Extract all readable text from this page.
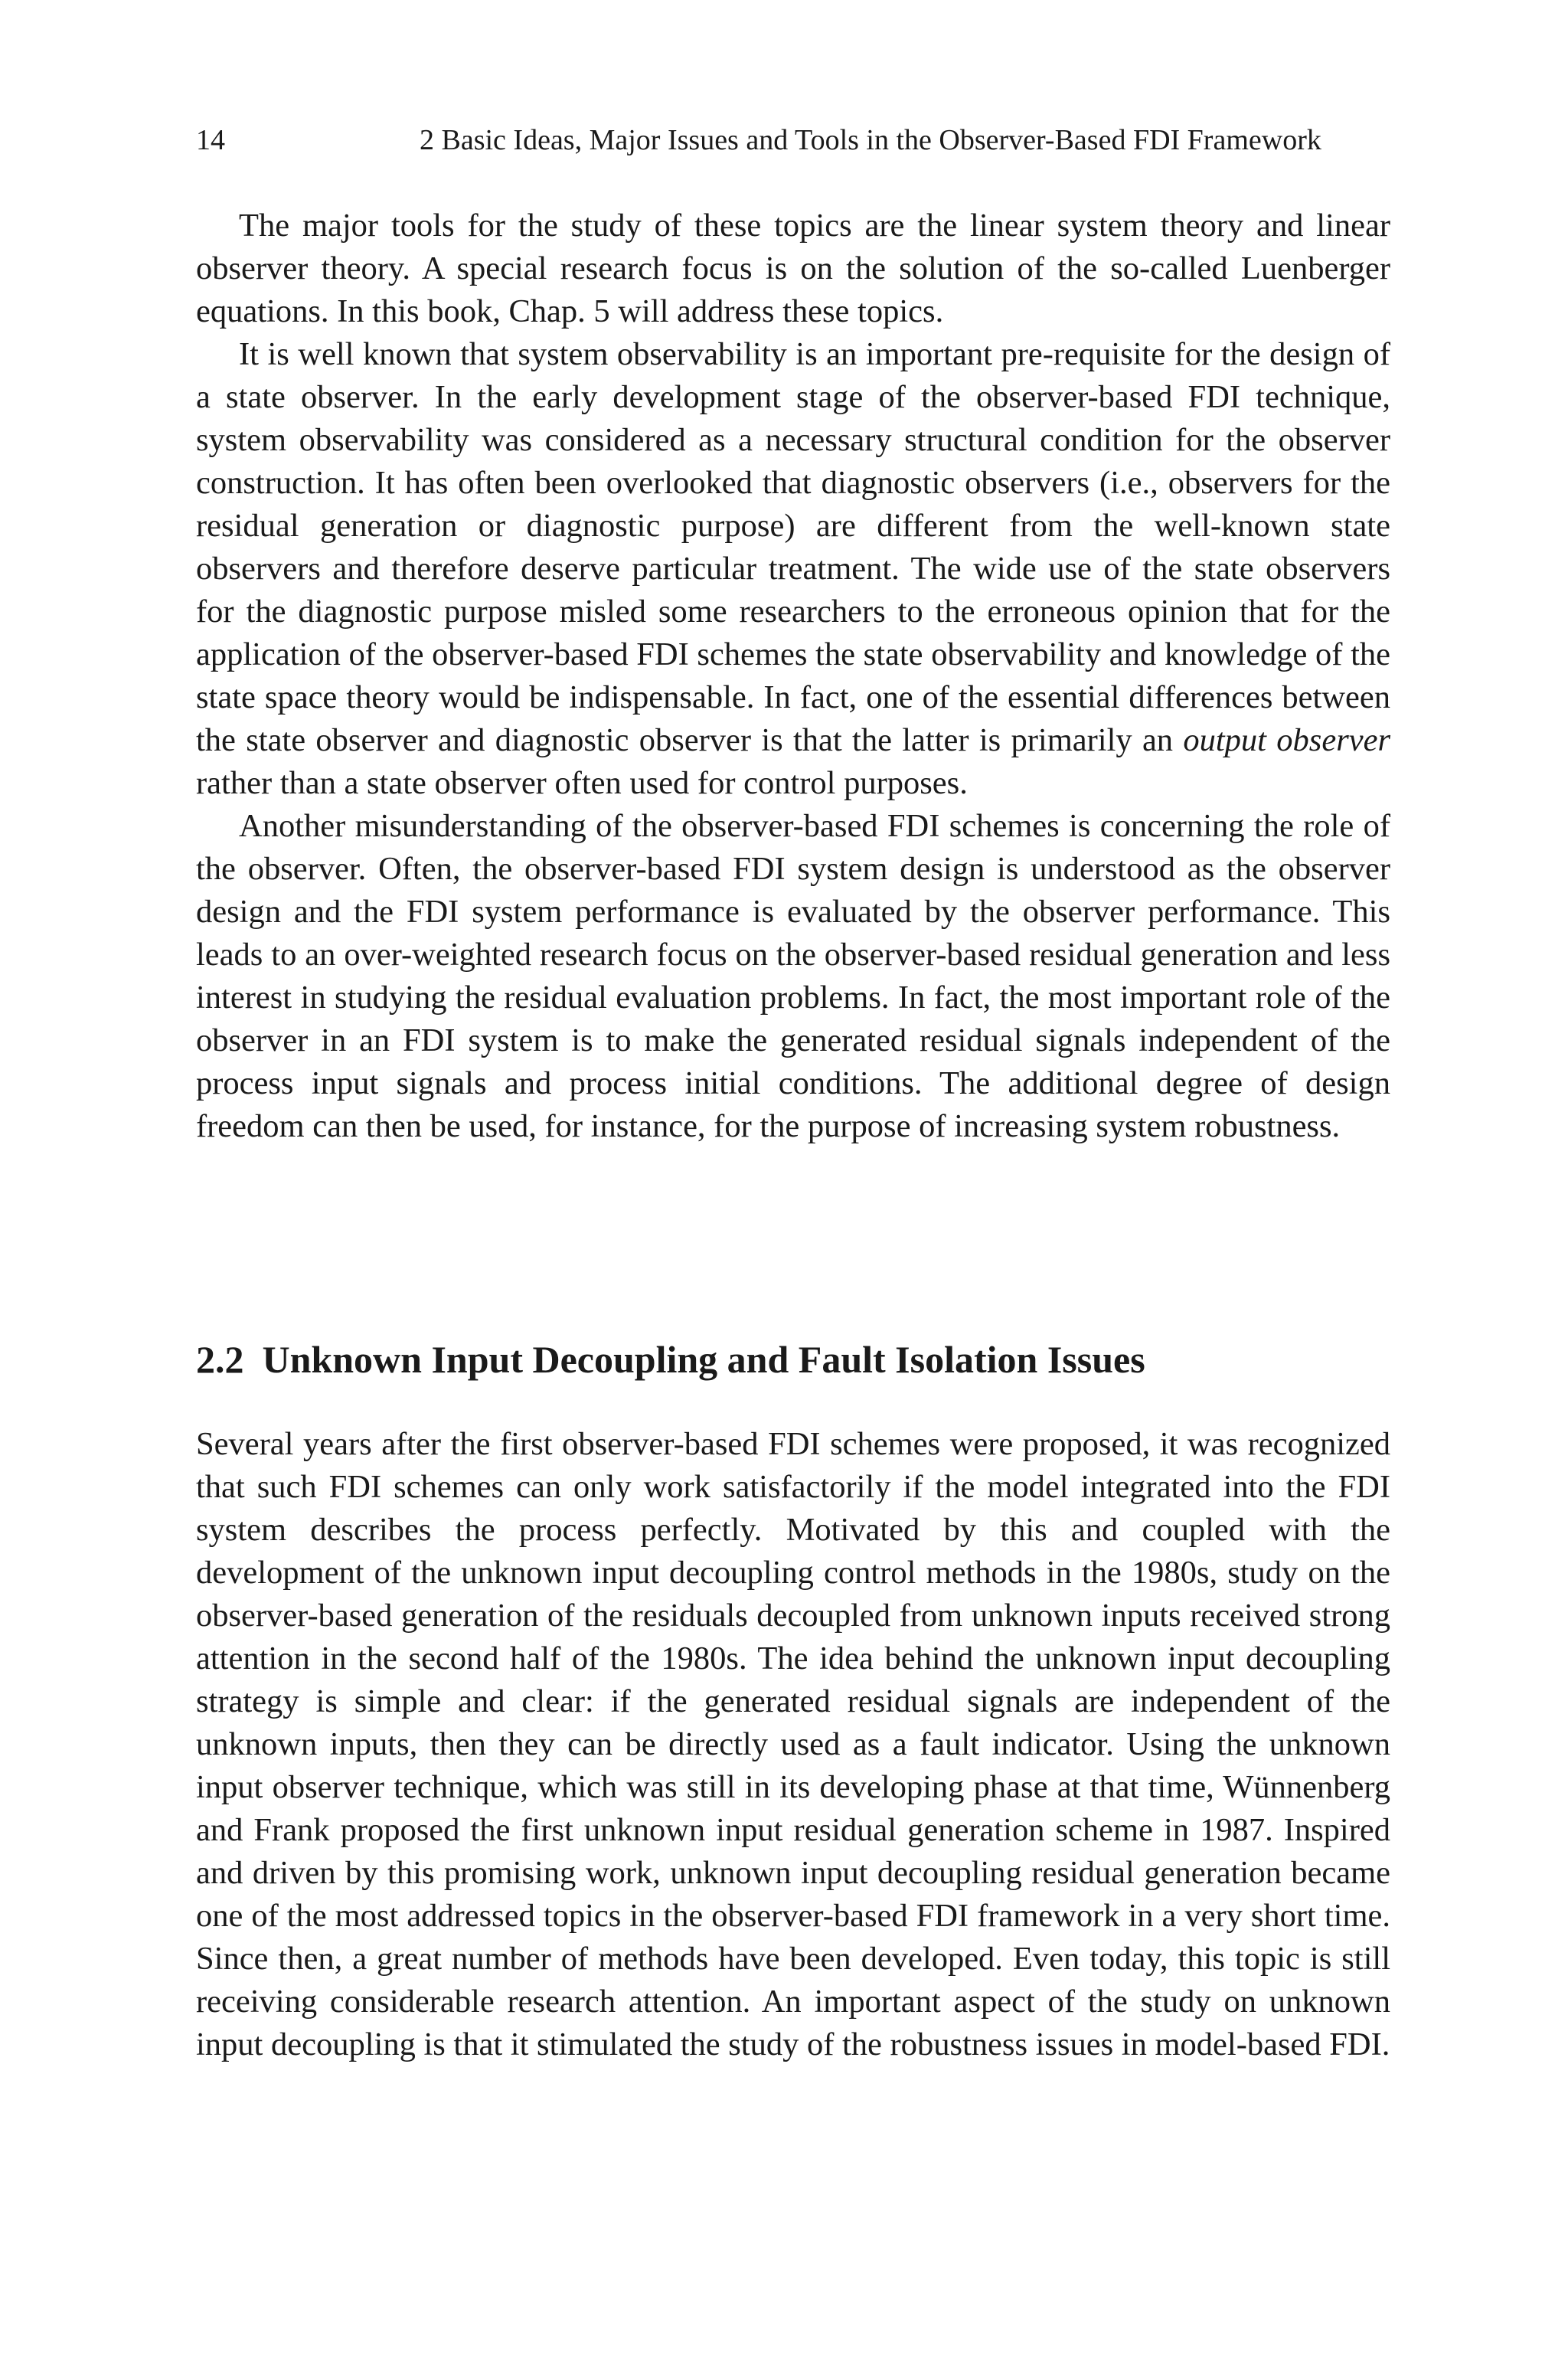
14	2 Basic Ideas, Major Issues and Tools in the Observer-Based FDI Framework

The major tools for the study of these topics are the linear system theory and linear observer theory. A special research focus is on the solution of the so-called Luenberger equations. In this book, Chap. 5 will address these topics.

It is well known that system observability is an important pre-requisite for the design of a state observer. In the early development stage of the observer-based FDI technique, system observability was considered as a necessary structural condition for the observer construction. It has often been overlooked that diagnostic observers (i.e., observers for the residual generation or diagnostic purpose) are different from the well-known state observers and therefore deserve particular treatment. The wide use of the state observers for the diagnostic purpose misled some researchers to the erroneous opinion that for the application of the observer-based FDI schemes the state observability and knowledge of the state space theory would be indispensable. In fact, one of the essential differences between the state observer and diagnostic observer is that the latter is primarily an output observer rather than a state observer often used for control purposes.

Another misunderstanding of the observer-based FDI schemes is concerning the role of the observer. Often, the observer-based FDI system design is understood as the observer design and the FDI system performance is evaluated by the observer performance. This leads to an over-weighted research focus on the observer-based residual generation and less interest in studying the residual evaluation problems. In fact, the most important role of the observer in an FDI system is to make the generated residual signals independent of the process input signals and process initial conditions. The additional degree of design freedom can then be used, for instance, for the purpose of increasing system robustness.

2.2 Unknown Input Decoupling and Fault Isolation Issues

Several years after the first observer-based FDI schemes were proposed, it was recognized that such FDI schemes can only work satisfactorily if the model integrated into the FDI system describes the process perfectly. Motivated by this and coupled with the development of the unknown input decoupling control methods in the 1980s, study on the observer-based generation of the residuals decoupled from unknown inputs received strong attention in the second half of the 1980s. The idea behind the unknown input decoupling strategy is simple and clear: if the generated residual signals are independent of the unknown inputs, then they can be directly used as a fault indicator. Using the unknown input observer technique, which was still in its developing phase at that time, Wünnenberg and Frank proposed the first unknown input residual generation scheme in 1987. Inspired and driven by this promising work, unknown input decoupling residual generation became one of the most addressed topics in the observer-based FDI framework in a very short time. Since then, a great number of methods have been developed. Even today, this topic is still receiving considerable research attention. An important aspect of the study on unknown input decoupling is that it stimulated the study of the robustness issues in model-based FDI.
